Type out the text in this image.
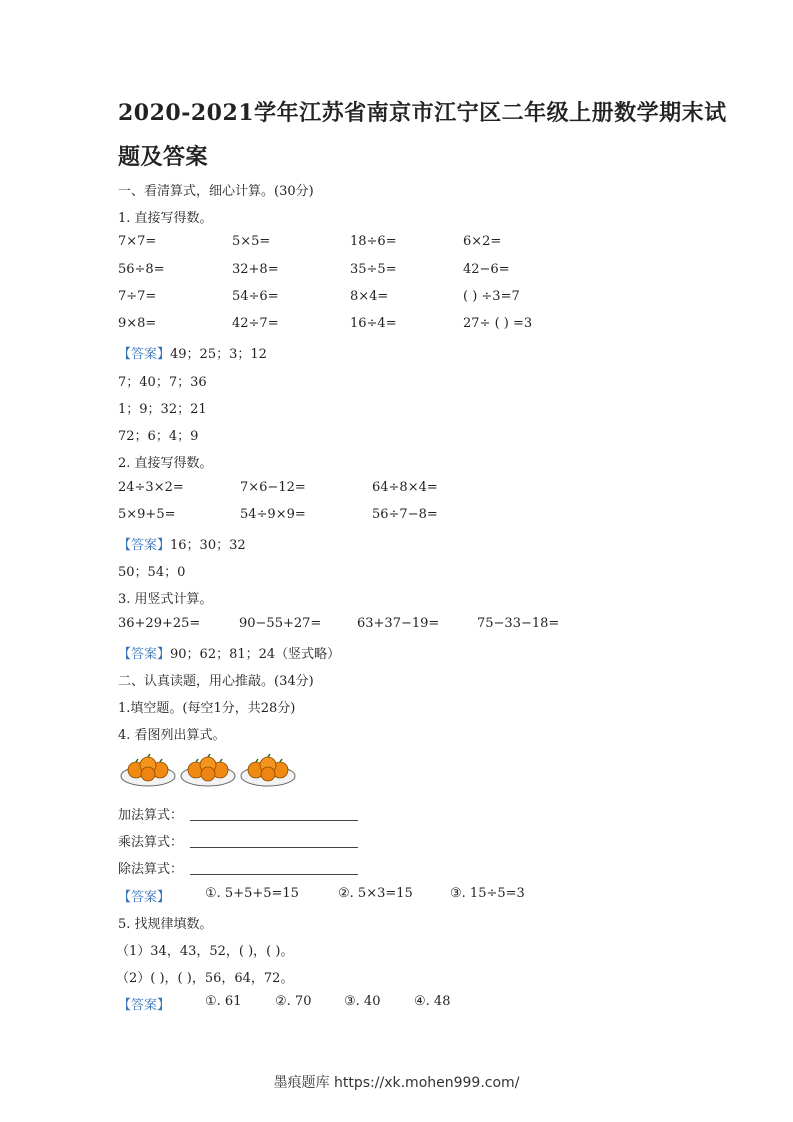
2020-2021学年江苏省南京市江宁区二年级上册数学期末试
题及答案
一、看清算式，细心计算。(30分)
1. 直接写得数。
7×7=	5×5=	18÷6=	6×2=
56÷8=	32+8=	35÷5=	42−6=
7÷7=	54÷6=	8×4=	( ) ÷3=7
9×8=	42÷7=	16÷4=	27÷ ( ) =3
【答案】49；25；3；12
7；40；7；36
1；9；32；21
72；6；4；9
2. 直接写得数。
24÷3×2=	7×6−12=	64÷8×4=
5×9+5=	54÷9×9=	56÷7−8=
【答案】16；30；32
50；54；0
3. 用竖式计算。
36+29+25=	90−55+27=	63+37−19=	75−33−18=
【答案】90；62；81；24（竖式略）
二、认真读题，用心推敲。(34分)
1.填空题。(每空1分，共28分)
4. 看图列出算式。
加法算式：
乘法算式：
除法算式：
【答案】	①. 5+5+5=15	②. 5×3=15	③. 15÷5=3
5. 找规律填数。
（1）34，43，52，( )，( )。
（2）( )，( )，56，64，72。
【答案】	①. 61	②. 70	③. 40	④. 48
墨痕题库 https://xk.mohen999.com/
